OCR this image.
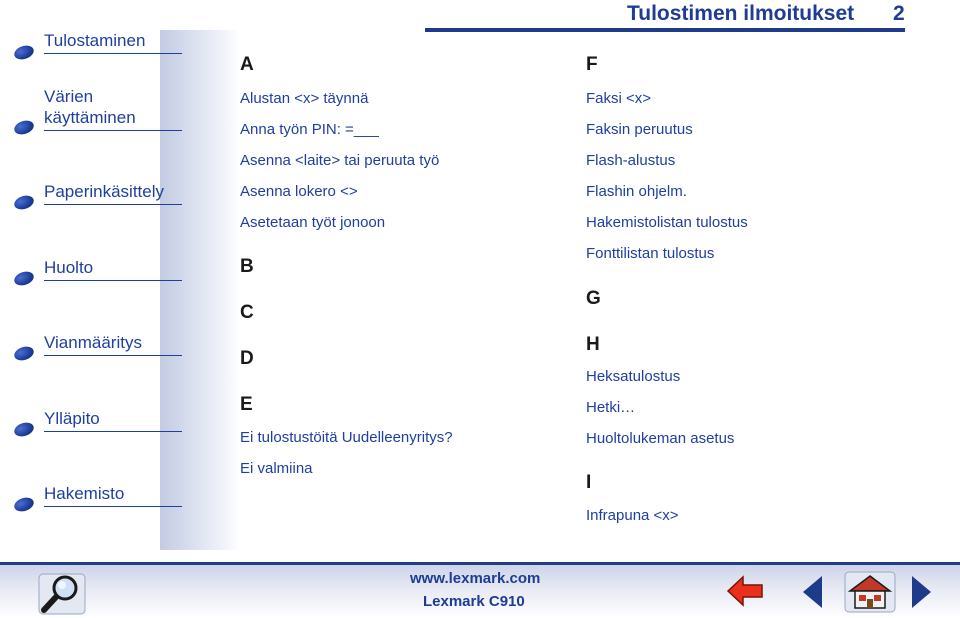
Tulostimen ilmoitukset 2
Tulostaminen
Värien
käyttäminen
Paperinkäsittely
Huolto
Vianmääritys
Ylläpito
Hakemisto
A
Alustan <x> täynnä
Anna työn PIN: =___
Asenna <laite> tai peruuta työ
Asenna lokero <>
Asetetaan työt jonoon
B
C
D
E
Ei tulostustöitä Uudelleenyritys?
Ei valmiina
F
Faksi <x>
Faksin peruutus
Flash-alustus
Flashin ohjelm.
Hakemistolistan tulostus
Fonttilistan tulostus
G
H
Heksatulostus
Hetki…
Huoltolukeman asetus
I
Infrapuna <x>
www.lexmark.com
Lexmark C910
